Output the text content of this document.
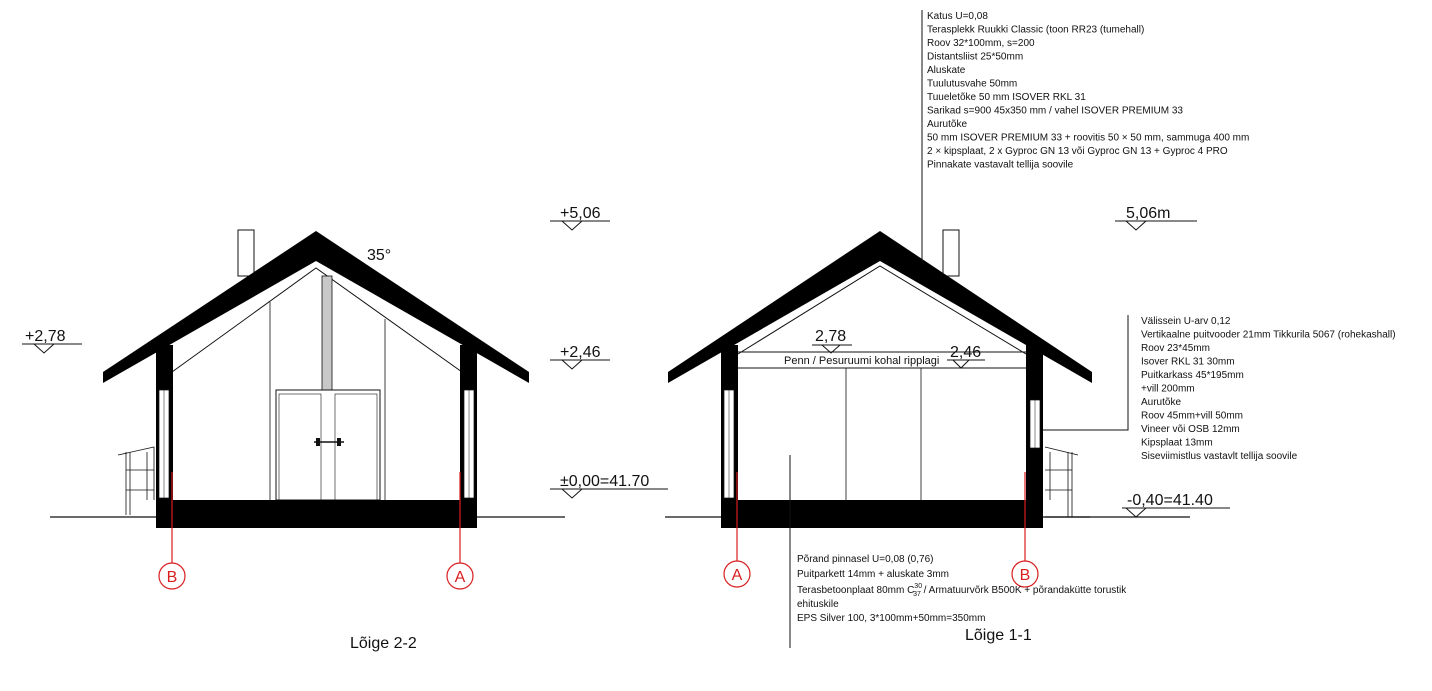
B	A
35°
+5,06
+2,78
+2,46
±0,00=41.70
Lõige 2-2
A	B
2,78
2,46
Penn / Pesuruumi kohal ripplagi
5,06m
-0,40=41.40
Lõige 1-1
Katus U=0,08
Terasplekk Ruukki Classic (toon RR23 (tumehall)
Roov 32*100mm, s=200
Distantsliist 25*50mm
Aluskate
Tuulutusvahe 50mm
Tuueletõke 50 mm ISOVER RKL 31
Sarikad s=900 45x350 mm / vahel ISOVER PREMIUM 33
Aurutõke
50 mm ISOVER PREMIUM 33 + roovitis 50 × 50 mm, sammuga 400 mm
2 × kipsplaat, 2 x Gyproc GN 13 või Gyproc GN 13 + Gyproc 4 PRO
Pinnakate vastavalt tellija soovile
Välissein U-arv 0,12
Vertikaalne puitvooder 21mm Tikkurila 5067 (rohekashall)
Roov 23*45mm
Isover RKL 31 30mm
Puitkarkass 45*195mm
+vill 200mm
Aurutõke
Roov 45mm+vill 50mm
Vineer või OSB 12mm
Kipsplaat 13mm
Siseviimistlus vastavlt tellija soovile
Põrand pinnasel U=0,08 (0,76)
Puitparkett 14mm + aluskate 3mm
Terasbetoonplaat 80mm $C^{30}$ 37 / Armatuurvõrk B500K + põrandakütte torustik
ehituskile
EPS Silver 100, 3*100mm+50mm=350mm
